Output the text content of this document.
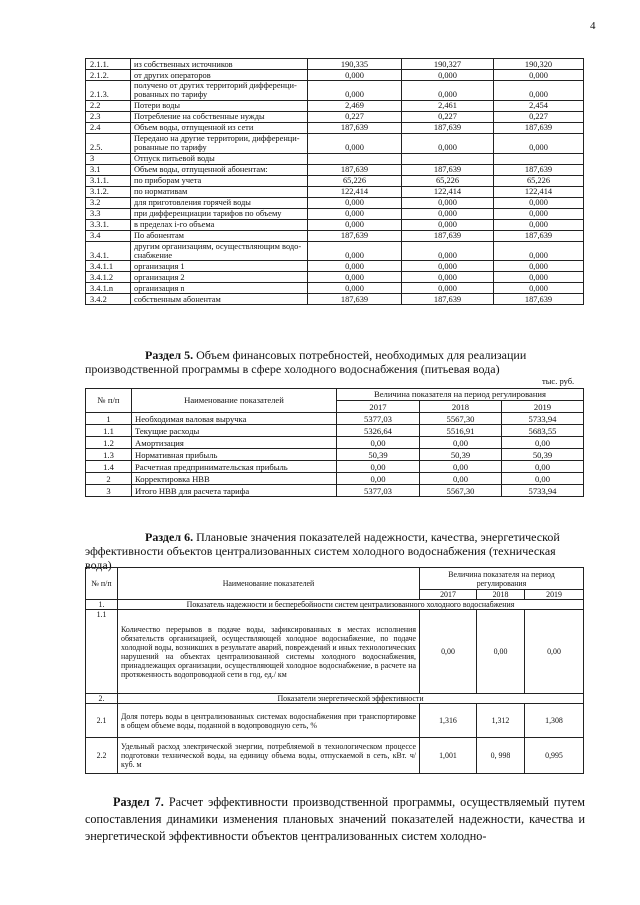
4
2.1.1.	из собственных источников	190,335	190,327	190,320
2.1.2.	от других операторов	0,000	0,000	0,000
2.1.3.	получено от других территорий дифференци-рованных по тарифу	0,000	0,000	0,000
2.2	Потери воды	2,469	2,461	2,454
2.3	Потребление на собственные нужды	0,227	0,227	0,227
2.4	Объем воды, отпущенной из сети	187,639	187,639	187,639
2.5.	Передано на другие территории, дифференци-рованные по тарифу	0,000	0,000	0,000
3	Отпуск питьевой воды			
3.1	Объем воды, отпущенной абонентам:	187,639	187,639	187,639
3.1.1.	по приборам учета	65,226	65,226	65,226
3.1.2.	по нормативам	122,414	122,414	122,414
3.2	для приготовления горячей воды	0,000	0,000	0,000
3.3	при дифференциации тарифов по объему	0,000	0,000	0,000
3.3.1.	в пределах i-го объема	0,000	0,000	0,000
3.4	По абонентам	187,639	187,639	187,639
3.4.1.	другим организациям, осуществляющим водо-снабжение	0,000	0,000	0,000
3.4.1.1	организация 1	0,000	0,000	0,000
3.4.1.2	организация 2	0,000	0,000	0,000
3.4.1.n	организация n	0,000	0,000	0,000
3.4.2	собственным абонентам	187,639	187,639	187,639
Раздел 5. Объем финансовых потребностей, необходимых для реализации производственной программы в сфере холодного водоснабжения (питьевая вода)
тыс. руб.
№ п/п	Наименование показателей	Величина показателя на период регулирования		
		2017	2018	2019
1	Необходимая валовая выручка	5377,03	5567,30	5733,94
1.1	Текущие расходы	5326,64	5516,91	5683,55
1.2	Амортизация	0,00	0,00	0,00
1.3	Нормативная прибыль	50,39	50,39	50,39
1.4	Расчетная предпринимательская прибыль	0,00	0,00	0,00
2	Корректировка НВВ	0,00	0,00	0,00
3	Итого НВВ для расчета тарифа	5377,03	5567,30	5733,94
Раздел 6. Плановые значения показателей надежности, качества, энергетической эффективности объектов централизованных систем холодного водоснабжения (техническая вода)
№ п/п	Наименование показателей	Величина показателя на период регулирования		
		2017	2018	2019
1.	Показатель надежности и бесперебойности систем централизованного холодного водоснабжения			
1.1	Количество перерывов в подаче воды, зафиксированных в местах исполнения обязательств организацией, осуществляющей холодное водоснабжение, по подаче холодной воды, возникших в результате аварий, повреждений и иных технологических нарушений на объектах централизованной системы холодного водоснабжения, принадлежащих организации, осуществляющей холодное водоснабжение, в расчете на протяженность водопроводной сети в год, ед./ км	0,00	0,00	0,00
2.	Показатели энергетической эффективности			
2.1	Доля потерь воды в централизованных системах водоснабжения при транспортировке в общем объеме воды, поданной в водопроводную сеть, %	1,316	1,312	1,308
2.2	Удельный расход электрической энергии, потребляемой в технологическом процессе подготовки технической воды, на единицу объема воды, отпускаемой в сеть, кВт. ч/куб. м	1,001	0, 998	0,995
Раздел 7. Расчет эффективности производственной программы, осуществляемый путем сопоставления динамики изменения плановых значений показателей надежности, качества и энергетической эффективности объектов централизованных систем холодно-
